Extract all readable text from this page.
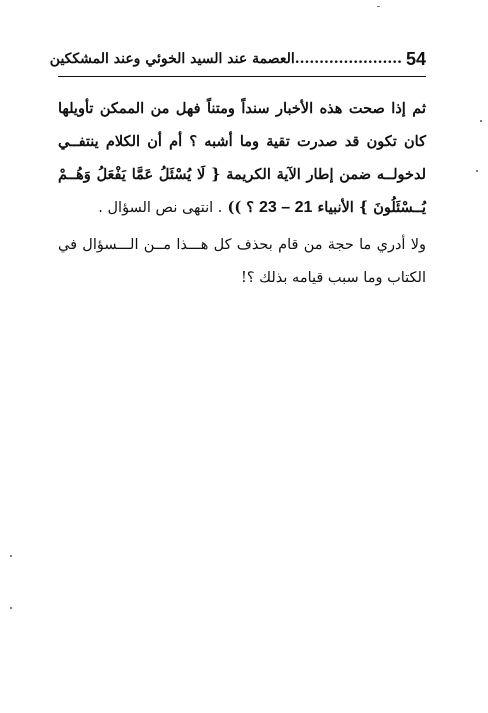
54
......................العصمة عند السيد الخوئي وعند المشككين

ثم إذا صحت هذه الأخبار سنداً ومتناً فهل من الممكن تأويلها كان تكون قد صدرت تقية وما أشبه ؟ أم أن الكلام ينتفــي لدخولــه ضمن إطار الآية الكريمة { لَا يُسْئَلُ عَمَّا يَفْعَلُ وَهُــمْ يُــسْئَلُونَ } الأنبياء 21 – 23 ؟ )) . انتهى نص السؤال .

ولا أدري ما حجة من قام بحذف كل هـــذا مــن الـــسؤال في الكتاب وما سبب قيامه بذلك ؟!
